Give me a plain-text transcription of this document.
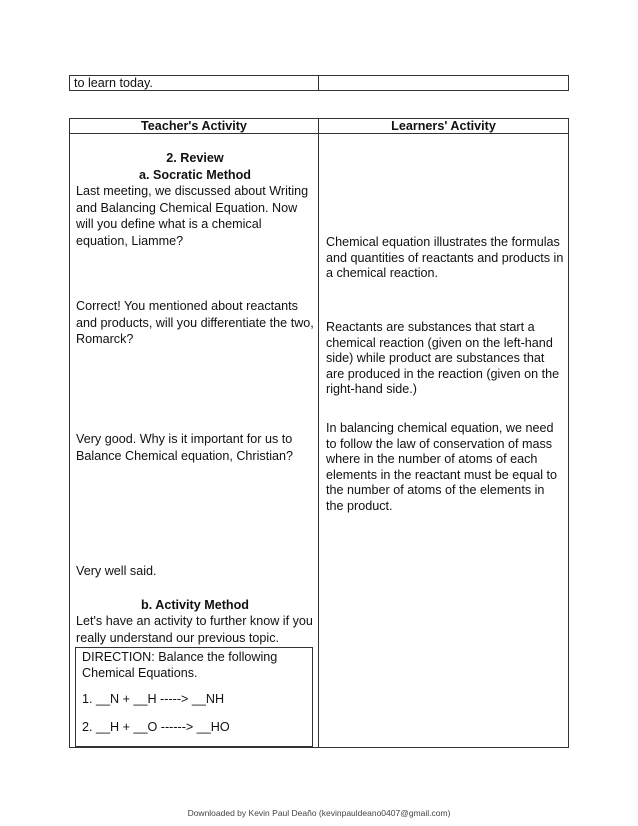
to learn today.
Teacher's Activity	Learners' Activity
2. Review
a. Socratic Method
Last meeting, we discussed about Writing and Balancing Chemical Equation. Now will you define what is a chemical equation, Liamme?	Chemical equation illustrates the formulas and quantities of reactants and products in a chemical reaction.
Correct! You mentioned about reactants and products, will you differentiate the two, Romarck?
Reactants are substances that start a chemical reaction (given on the left-hand side) while product are substances that are produced in the reaction (given on the right-hand side.)
Very good. Why is it important for us to Balance Chemical equation, Christian?
In balancing chemical equation, we need to follow the law of conservation of mass where in the number of atoms of each elements in the reactant must be equal to the number of atoms of the elements in the product.
Very well said.
b. Activity Method
Let's have an activity to further know if you really understand our previous topic.
DIRECTION: Balance the following Chemical Equations.
1. __N + __H -----> __NH
2. __H + __O ------> __HO
Downloaded by Kevin Paul Deaño (kevinpauldeano0407@gmail.com)
